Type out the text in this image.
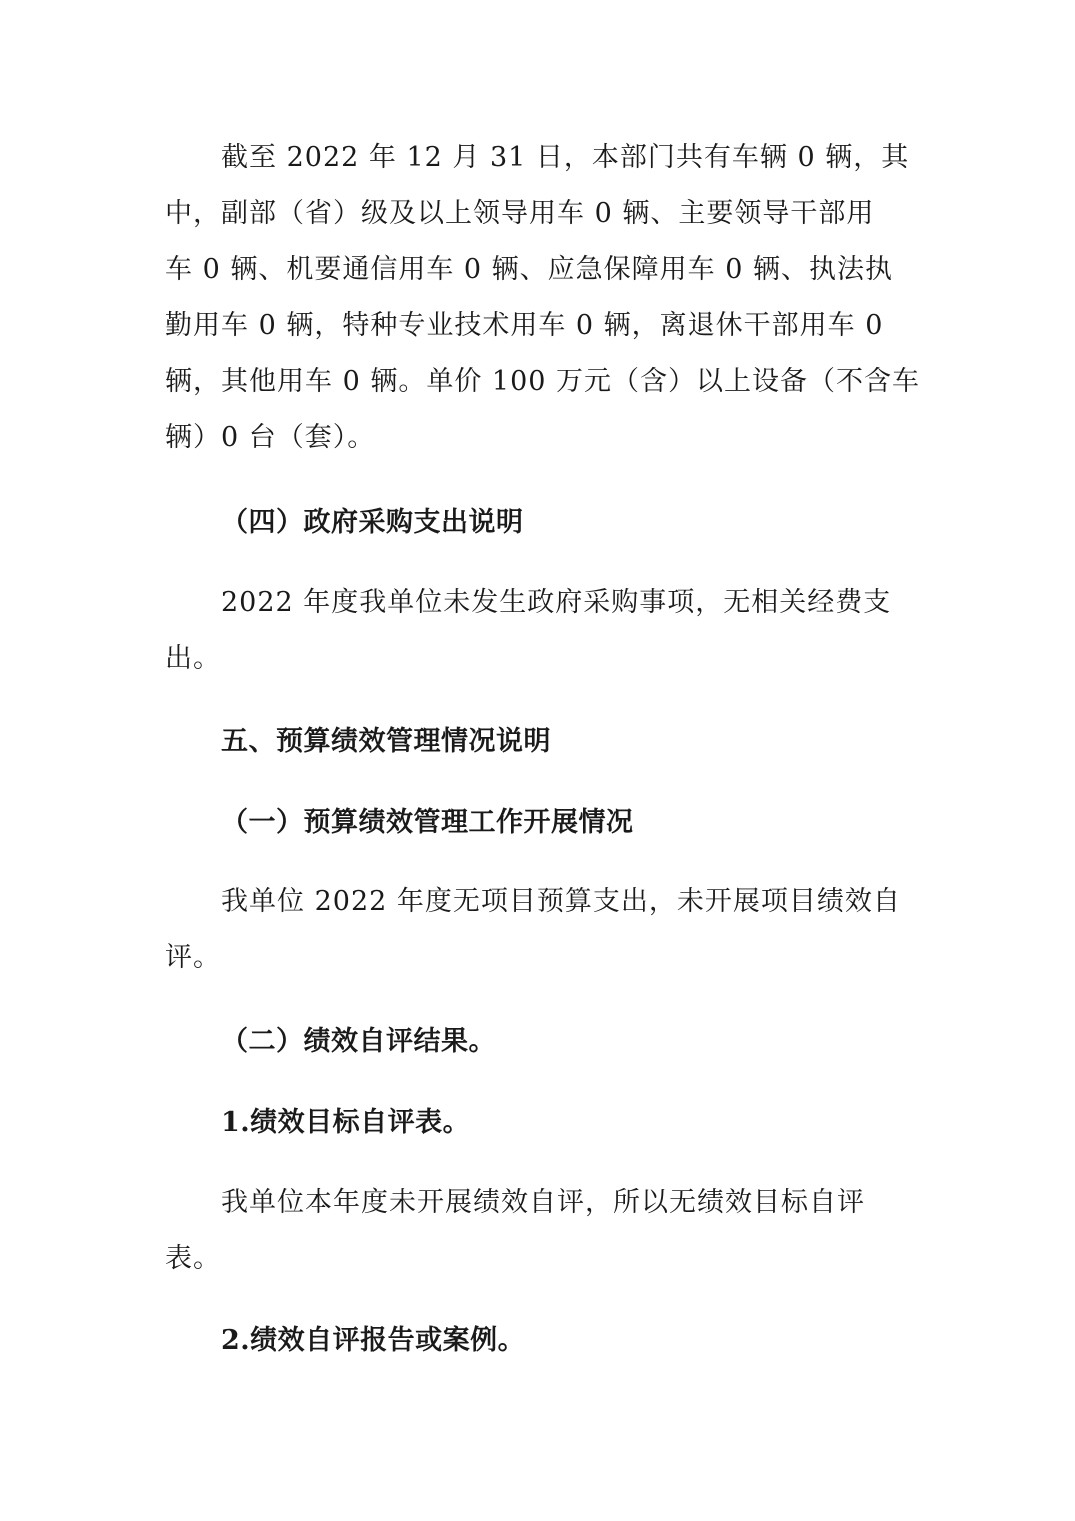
截至 2022 年 12 月 31 日，本部门共有车辆 0 辆，其
中，副部（省）级及以上领导用车 0 辆、主要领导干部用
车 0 辆、机要通信用车 0 辆、应急保障用车 0 辆、执法执
勤用车 0 辆，特种专业技术用车 0 辆，离退休干部用车 0
辆，其他用车 0 辆。单价 100 万元（含）以上设备（不含车
辆）0 台（套）。
（四）政府采购支出说明
2022 年度我单位未发生政府采购事项，无相关经费支
出。
五、预算绩效管理情况说明
（一）预算绩效管理工作开展情况
我单位 2022 年度无项目预算支出，未开展项目绩效自
评。
（二）绩效自评结果。
1.绩效目标自评表。
我单位本年度未开展绩效自评，所以无绩效目标自评
表。
2.绩效自评报告或案例。
